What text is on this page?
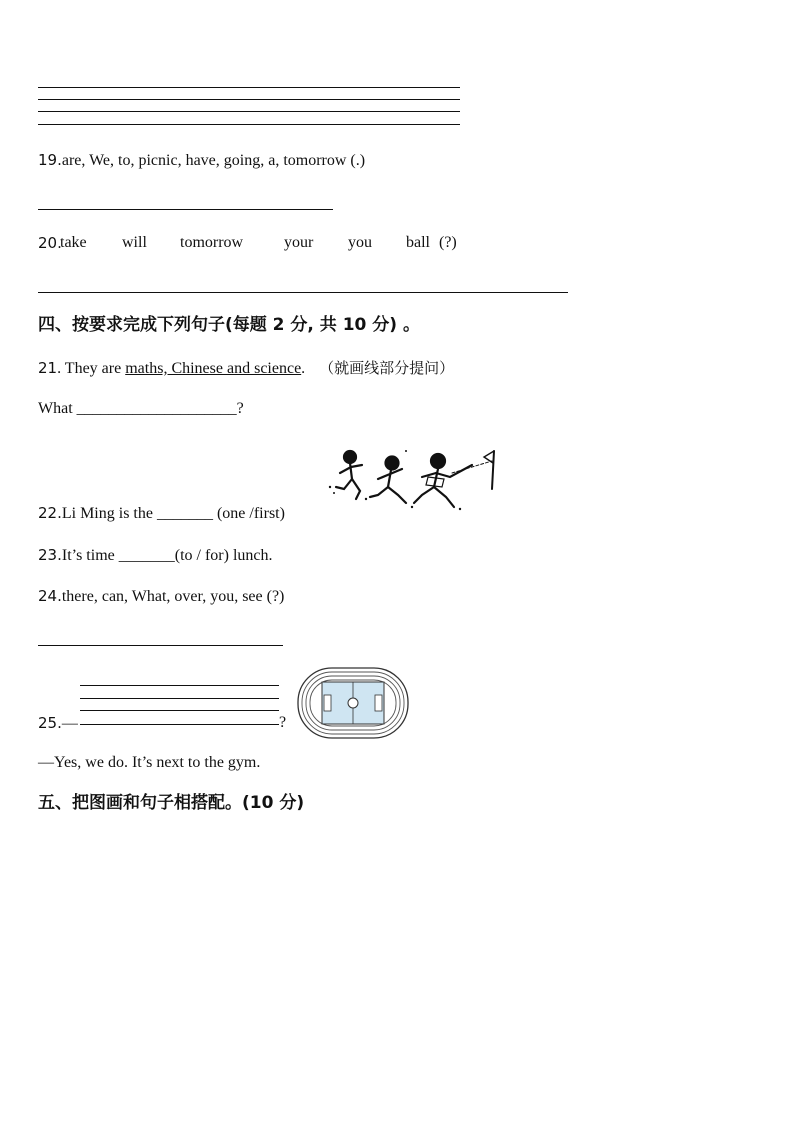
19.are, We, to, picnic, have, going, a, tomorrow (.)
20.
take will tomorrow	your you ball (?)
四、按要求完成下列句子(每题 2 分, 共 10 分) 。
21. They are maths, Chinese and science. （就画线部分提问）
What ____________________?
22.Li Ming is the _______ (one /first)
23.It’s time _______(to / for) lunch.
24.there, can, What, over, you, see (?)
25.—	?
—Yes, we do. It’s next to the gym.
五、把图画和句子相搭配。(10 分)
